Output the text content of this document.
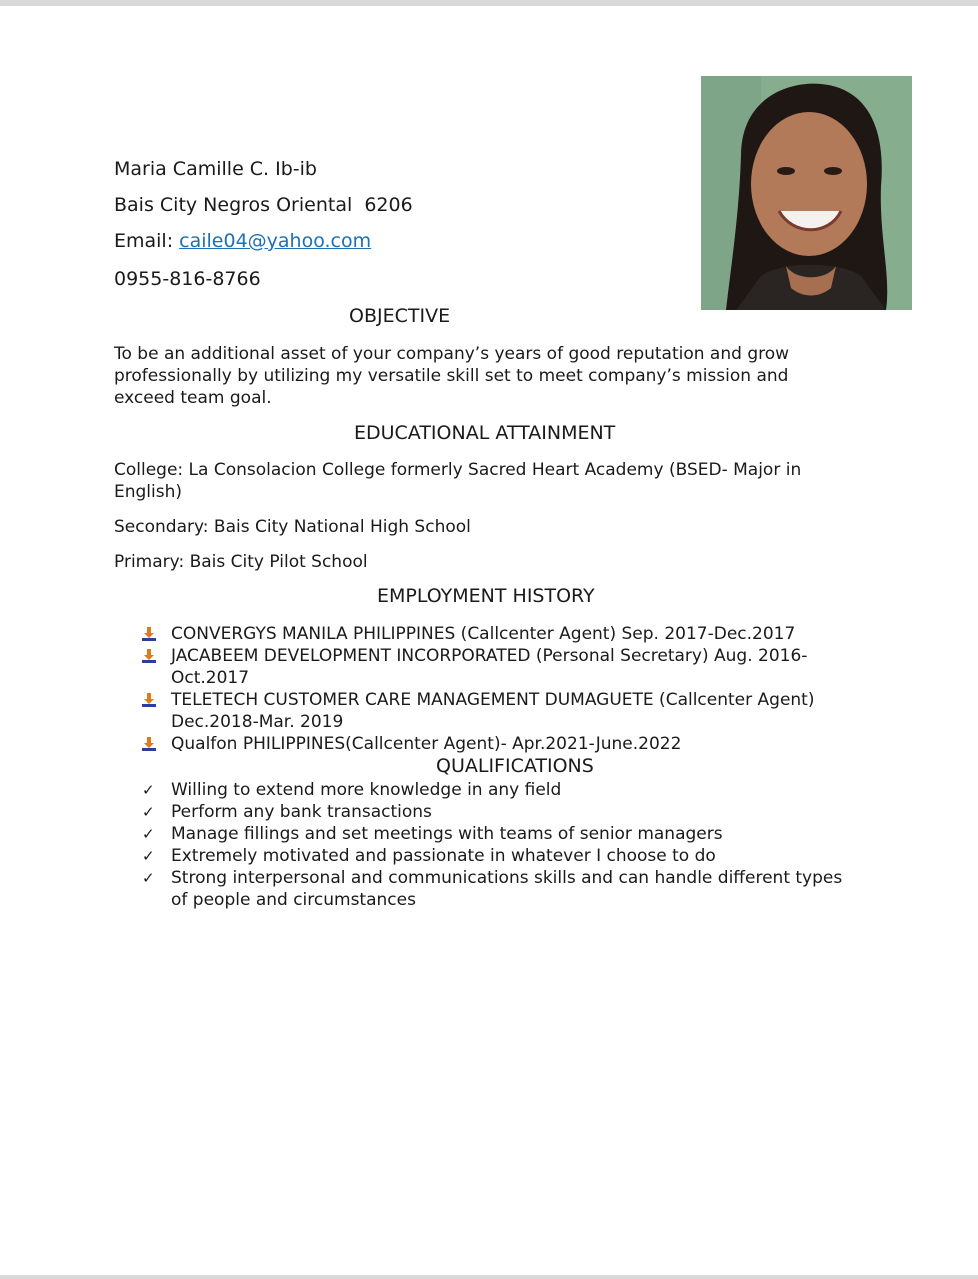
Maria Camille C. Ib-ib
Bais City Negros Oriental  6206
Email: caile04@yahoo.com
0955-816-8766
OBJECTIVE
To be an additional asset of your company’s years of good reputation and grow professionally by utilizing my versatile skill set to meet company’s mission and exceed team goal.
EDUCATIONAL ATTAINMENT
College: La Consolacion College formerly Sacred Heart Academy (BSED- Major in English)
Secondary: Bais City National High School
Primary: Bais City Pilot School
EMPLOYMENT HISTORY
CONVERGYS MANILA PHILIPPINES (Callcenter Agent) Sep. 2017-Dec.2017
JACABEEM DEVELOPMENT INCORPORATED (Personal Secretary) Aug. 2016-Oct.2017
TELETECH CUSTOMER CARE MANAGEMENT DUMAGUETE (Callcenter Agent) Dec.2018-Mar. 2019
Qualfon PHILIPPINES(Callcenter Agent)- Apr.2021-June.2022
QUALIFICATIONS
✓ Willing to extend more knowledge in any field
✓ Perform any bank transactions
✓ Manage fillings and set meetings with teams of senior managers
✓ Extremely motivated and passionate in whatever I choose to do
✓ Strong interpersonal and communications skills and can handle different types of people and circumstances
